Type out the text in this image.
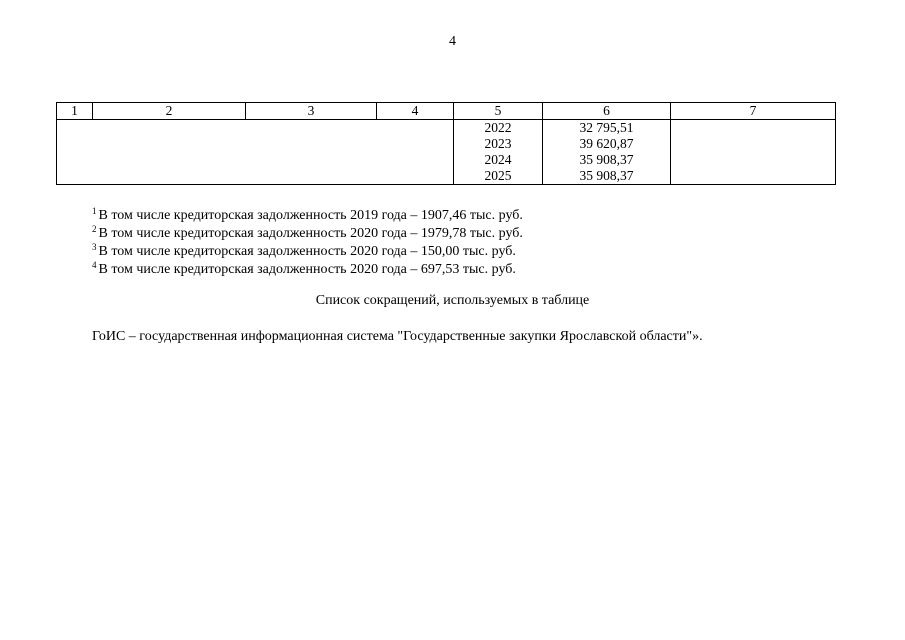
4
1	2	3	4	5	6	7
				2022	32 795,51	
				2023	39 620,87	
				2024	35 908,37	
				2025	35 908,37	
$^1$ В том числе кредиторская задолженность 2019 года – 1907,46 тыс. руб.
$^2$ В том числе кредиторская задолженность 2020 года – 1979,78 тыс. руб.
$^3$ В том числе кредиторская задолженность 2020 года – 150,00 тыс. руб.
$^4$ В том числе кредиторская задолженность 2020 года – 697,53 тыс. руб.
Список сокращений, используемых в таблице
ГоИС – государственная информационная система "Государственные закупки Ярославской области"».
